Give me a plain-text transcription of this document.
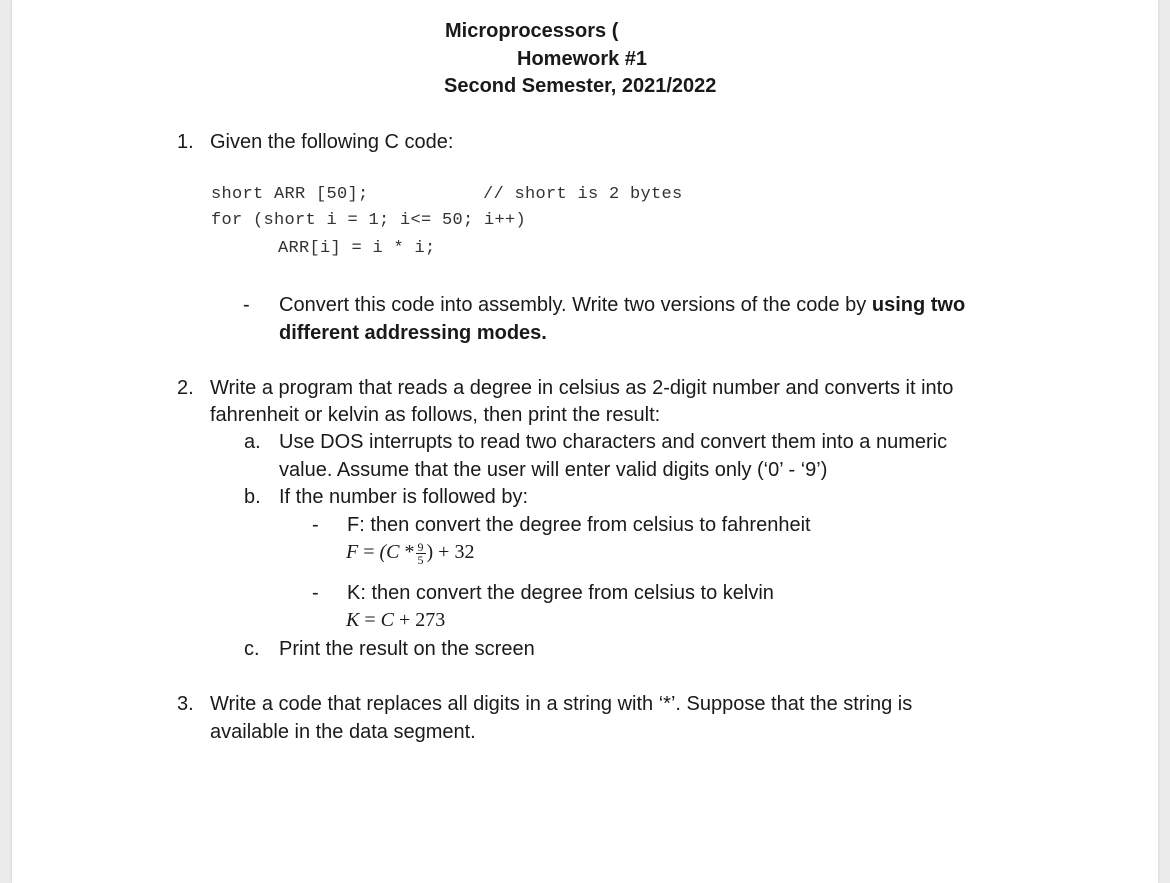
Microprocessors (
Homework #1
Second Semester, 2021/2022
1. Given the following C code:
short ARR [50];	// short is 2 bytes
for (short i = 1; i<= 50; i++)
ARR[i] = i * i;
- Convert this code into assembly. Write two versions of the code by using two
different addressing modes.
2. Write a program that reads a degree in celsius as 2-digit number and converts it into
fahrenheit or kelvin as follows, then print the result:
a. Use DOS interrupts to read two characters and convert them into a numeric
value. Assume that the user will enter valid digits only (‘0’ - ‘9’)
b. If the number is followed by:
- F: then convert the degree from celsius to fahrenheit
$F = (C * \frac{9}{5}$ ) + 32
- K: then convert the degree from celsius to kelvin
K = C + 273
c. Print the result on the screen
3. Write a code that replaces all digits in a string with ‘*’. Suppose that the string is
available in the data segment.
